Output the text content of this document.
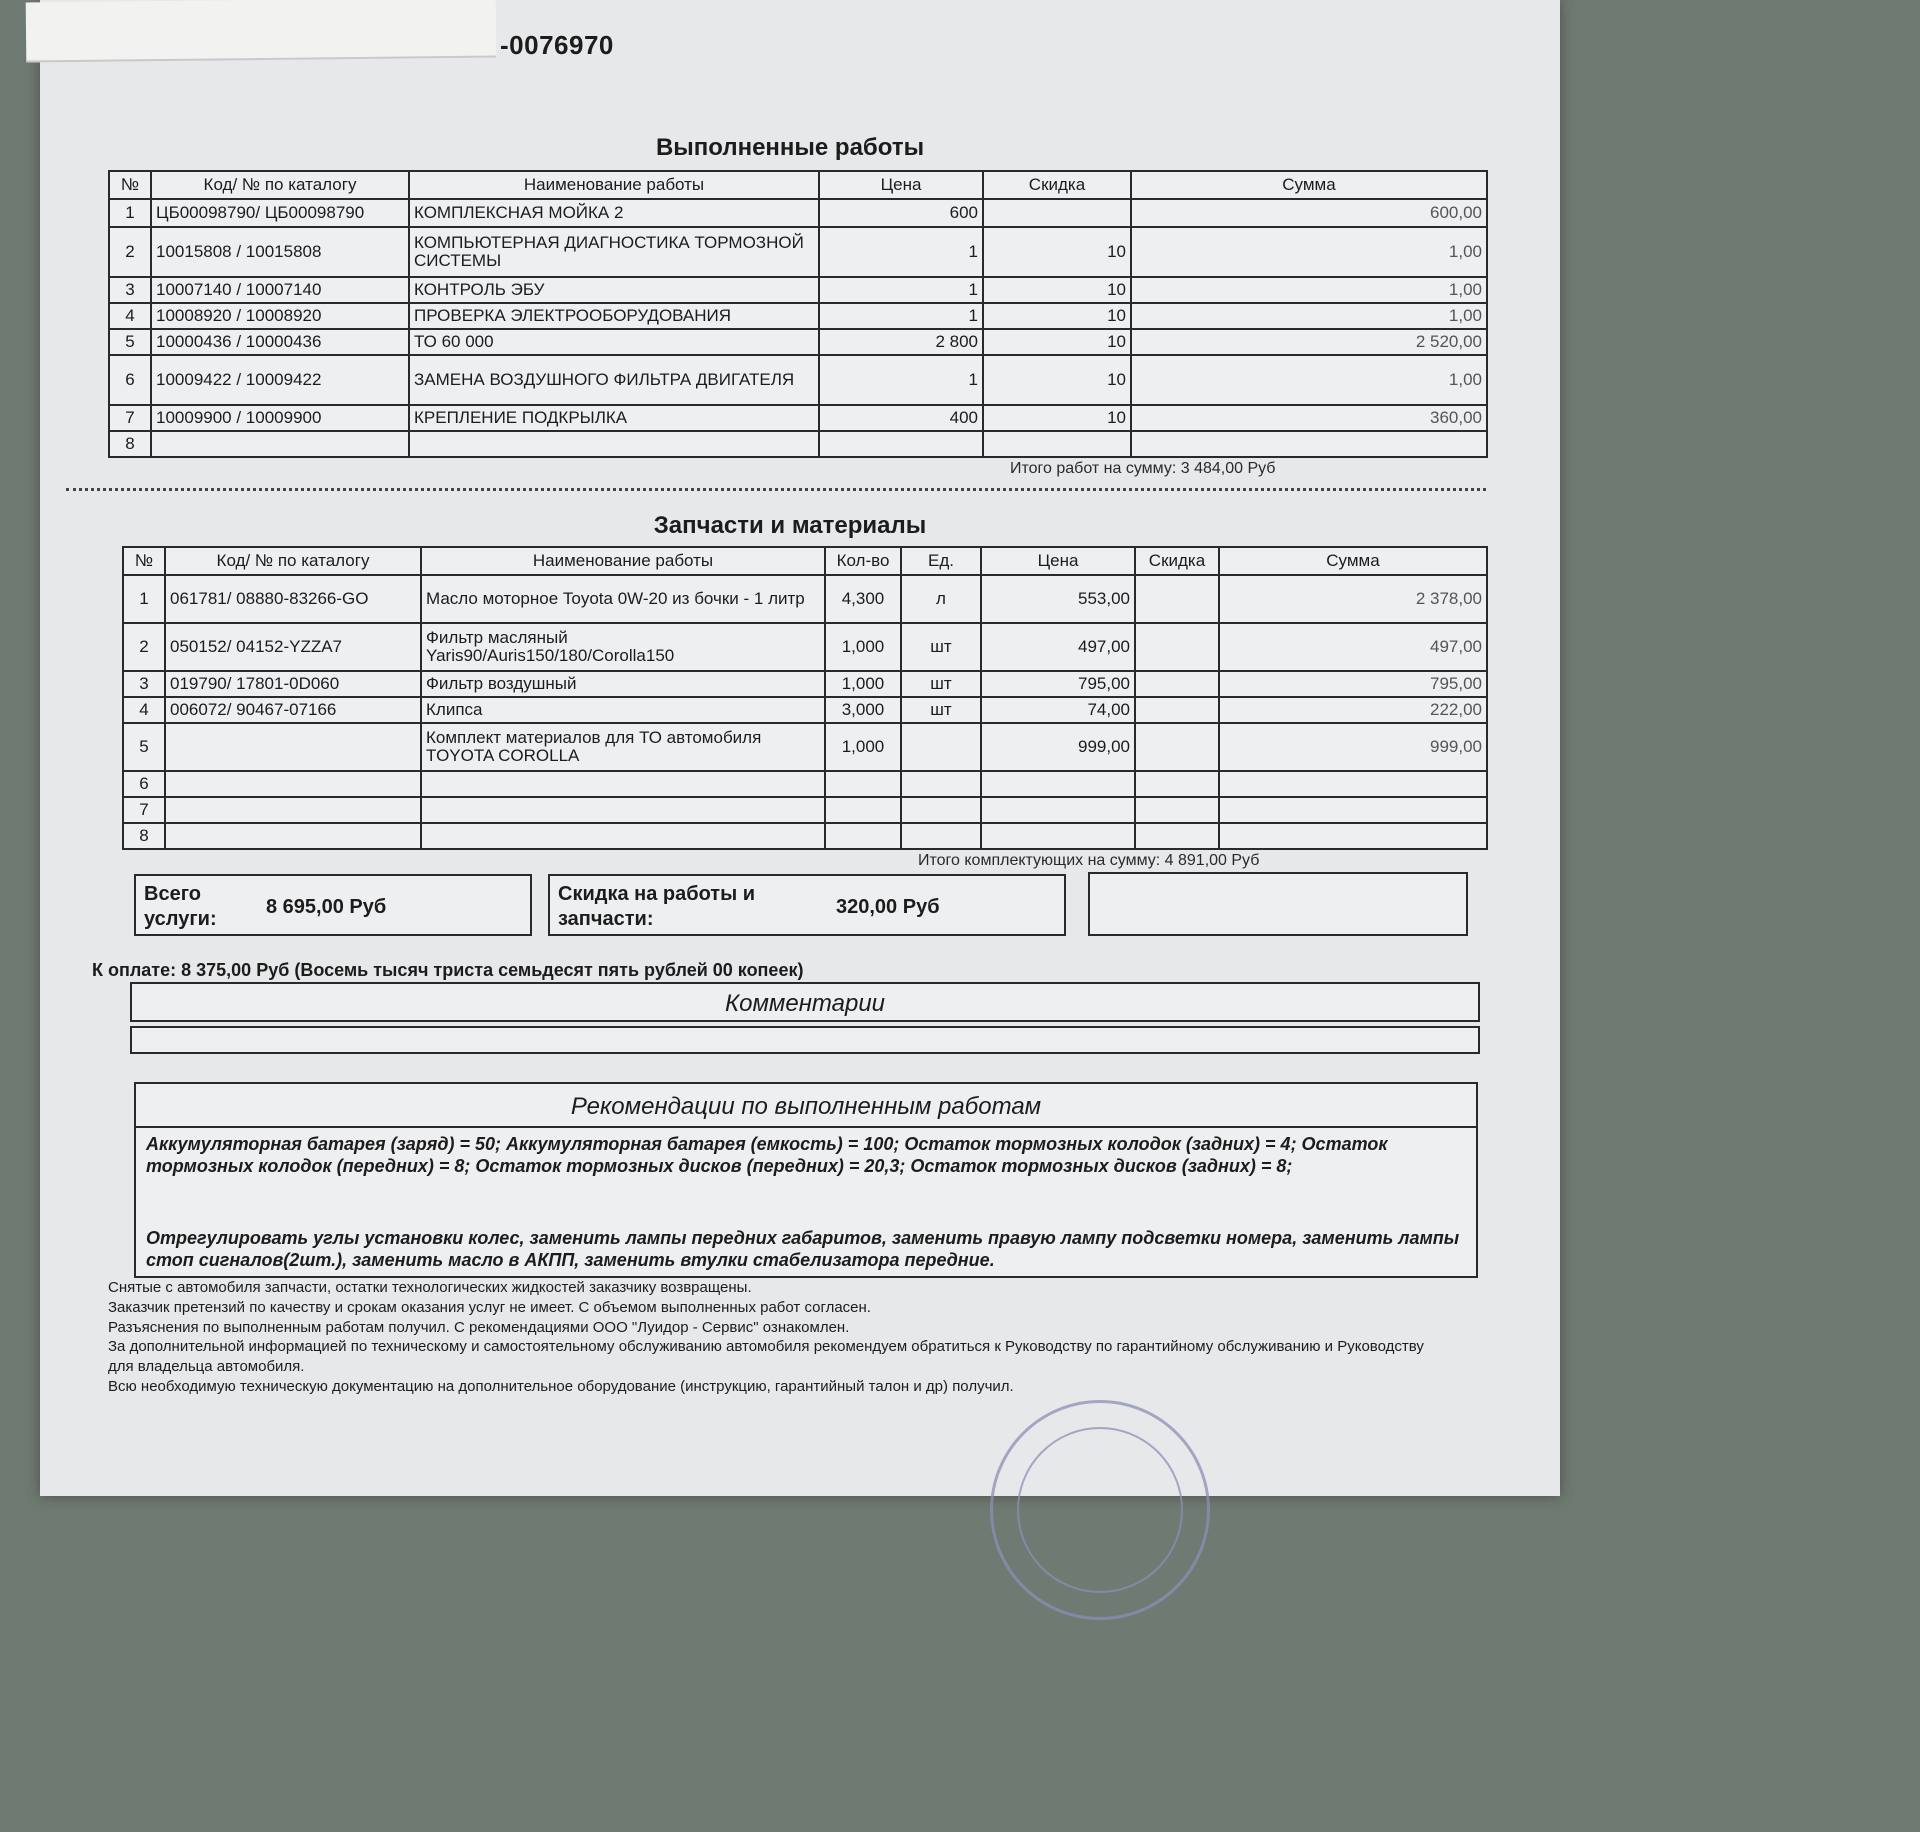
-0076970
Выполненные работы
№	Код/ № по каталогу	Наименование работы	Цена	Скидка	Сумма
1	ЦБ00098790/ ЦБ00098790	КОМПЛЕКСНАЯ МОЙКА 2	600		600,00
2	10015808 / 10015808	КОМПЬЮТЕРНАЯ ДИАГНОСТИКА ТОРМОЗНОЙ СИСТЕМЫ	1	10	1,00
3	10007140 / 10007140	КОНТРОЛЬ ЭБУ	1	10	1,00
4	10008920 / 10008920	ПРОВЕРКА ЭЛЕКТРООБОРУДОВАНИЯ	1	10	1,00
5	10000436 / 10000436	ТО 60 000	2 800	10	2 520,00
6	10009422 / 10009422	ЗАМЕНА ВОЗДУШНОГО ФИЛЬТРА ДВИГАТЕЛЯ	1	10	1,00
7	10009900 / 10009900	КРЕПЛЕНИЕ ПОДКРЫЛКА	400	10	360,00
8					
Итого работ на сумму: 3 484,00 Руб
Запчасти и материалы
№	Код/ № по каталогу	Наименование работы	Кол-во	Ед.	Цена	Скидка	Сумма
1	061781/ 08880-83266-GO	Масло моторное Toyota 0W-20 из бочки - 1 литр	4,300	л	553,00		2 378,00
2	050152/ 04152-YZZA7	Фильтр масляный Yaris90/Auris150/180/Corolla150	1,000	шт	497,00		497,00
3	019790/ 17801-0D060	Фильтр воздушный	1,000	шт	795,00		795,00
4	006072/ 90467-07166	Клипса	3,000	шт	74,00		222,00
5		Комплект материалов для ТО автомобиля TOYOTA COROLLA	1,000		999,00		999,00
6							
7							
8							
Итого комплектующих на сумму: 4 891,00 Руб
Всего услуги:
8 695,00 Руб
Скидка на работы и запчасти:
320,00 Руб
К оплате: 8 375,00 Руб (Восемь тысяч триста семьдесят пять рублей 00 копеек)
Комментарии
Рекомендации по выполненным работам
Аккумуляторная батарея (заряд) = 50; Аккумуляторная батарея (емкость) = 100; Остаток тормозных колодок (задних) = 4; Остаток тормозных колодок (передних) = 8; Остаток тормозных дисков (передних) = 20,3; Остаток тормозных дисков (задних) = 8;
Отрегулировать углы установки колес, заменить лампы передних габаритов, заменить правую лампу подсветки номера, заменить лампы стоп сигналов(2шт.), заменить масло в АКПП, заменить втулки стабелизатора передние.

Снятые с автомобиля запчасти, остатки технологических жидкостей заказчику возвращены.

Заказчик претензий по качеству и срокам оказания услуг не имеет. С объемом выполненных работ согласен.

Разъяснения по выполненным работам получил. С рекомендациями ООО "Луидор - Сервис" ознакомлен.

За дополнительной информацией по техническому и самостоятельному обслуживанию автомобиля рекомендуем обратиться к Руководству по гарантийному обслуживанию и Руководству для владельца автомобиля.

Всю необходимую техническую документацию на дополнительное оборудование (инструкцию, гарантийный талон и др) получил.
